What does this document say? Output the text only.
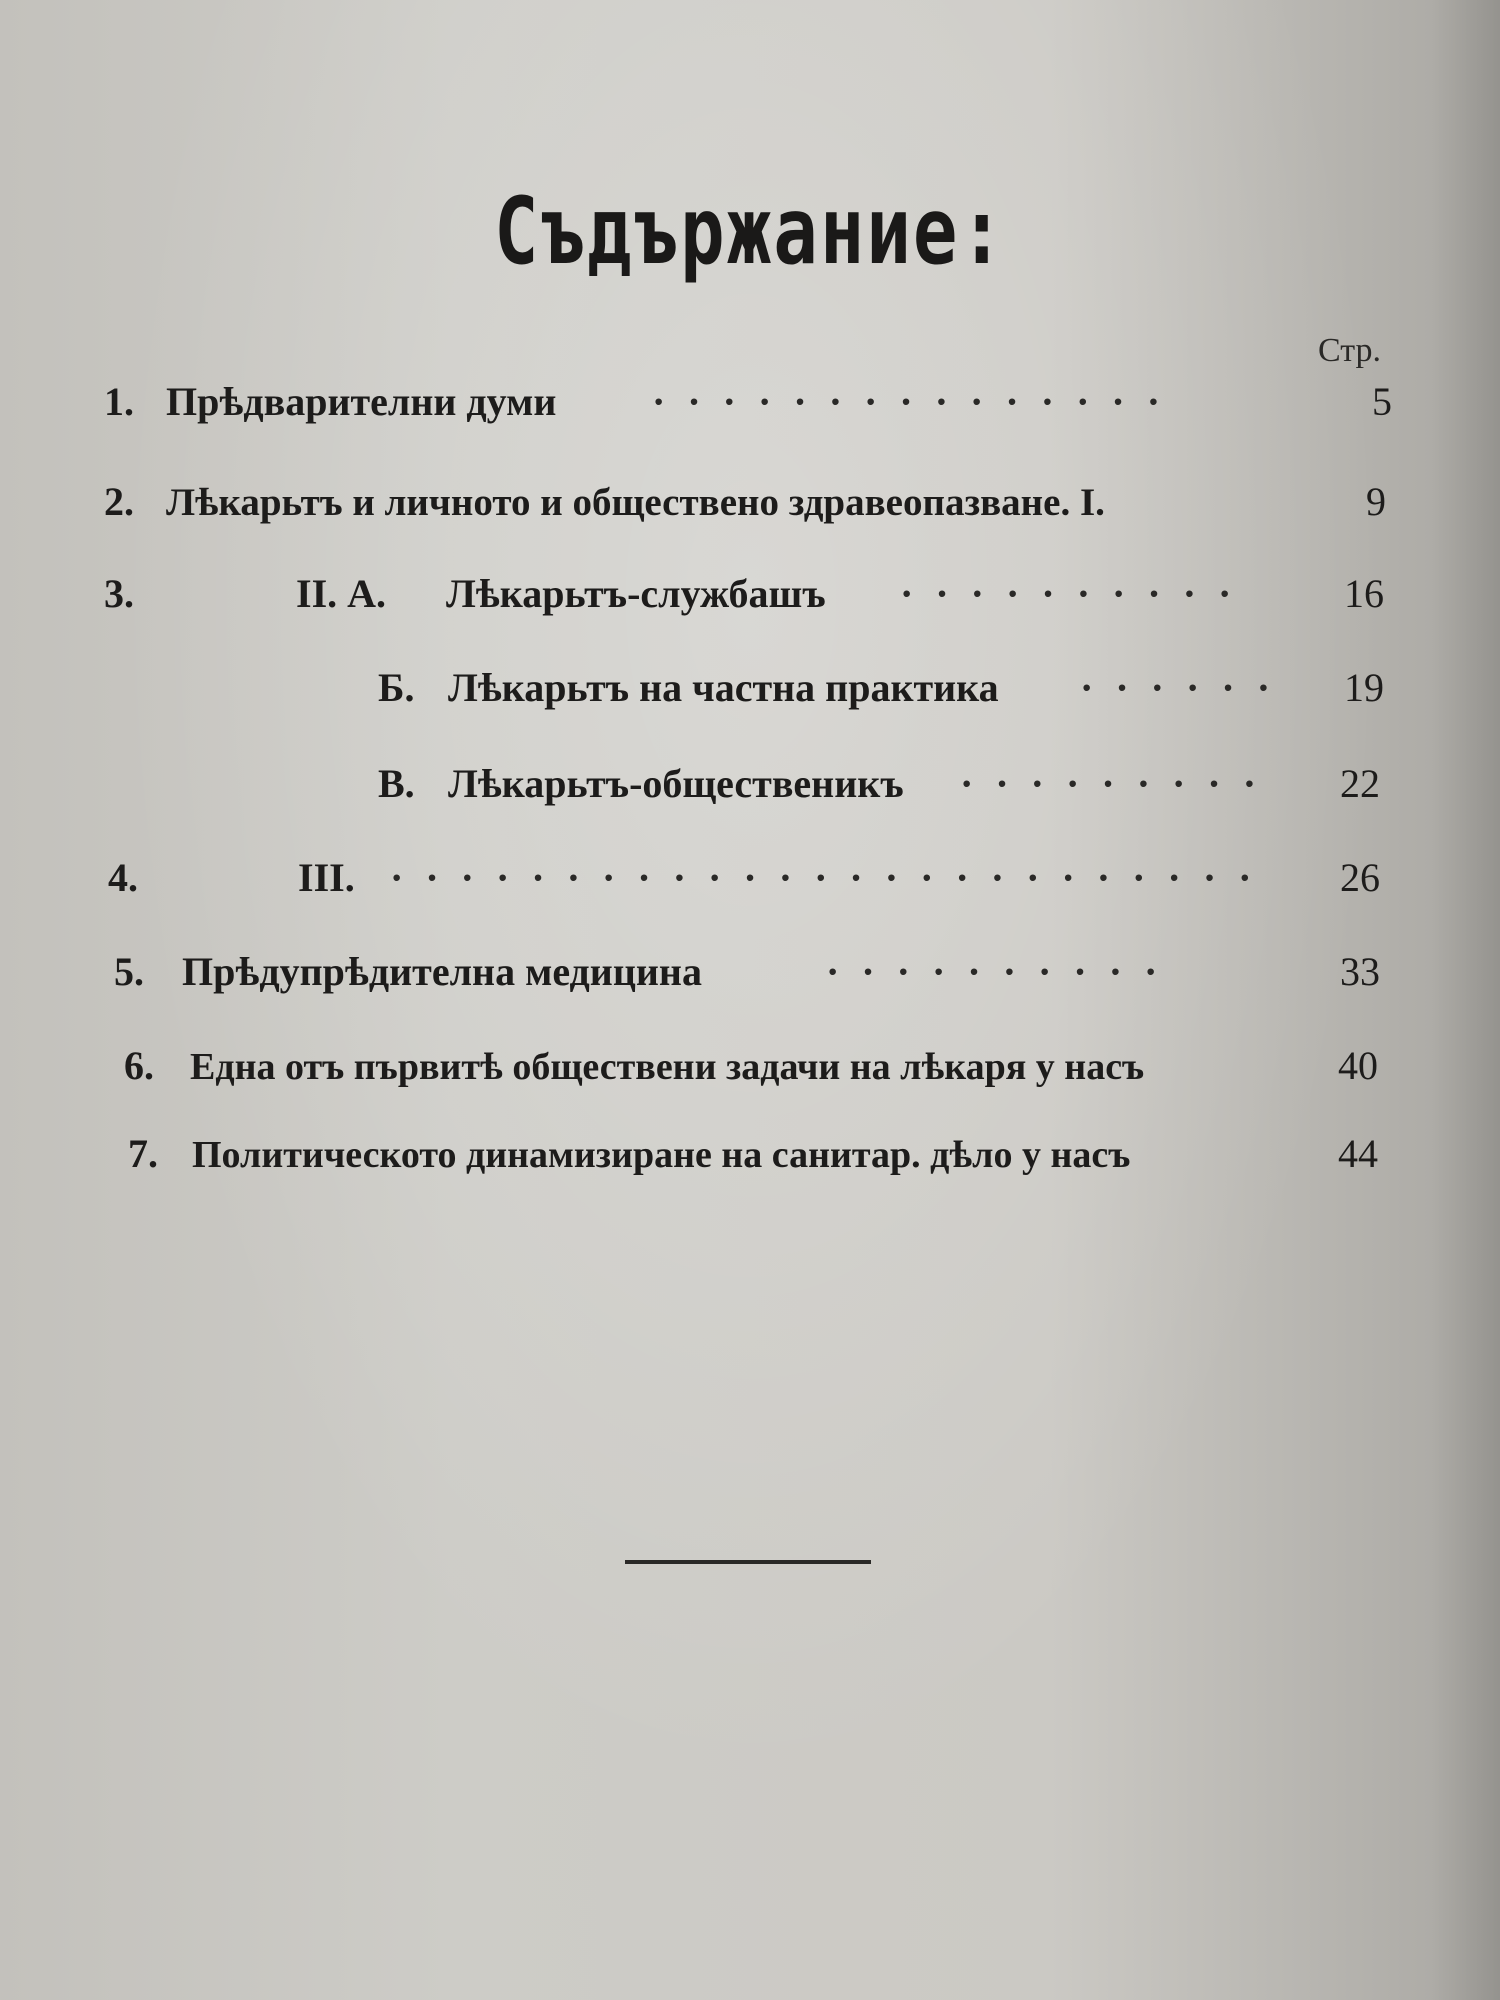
Съдържание:
Стр.
1. Прѣдварителни думи ···············	5
2. Лѣкарьтъ и личното и обществено здравеопазване. I.	9
3.	II. А. Лѣкарьтъ-службашъ ··········	16
Б. Лѣкарьтъ на частна практика ······	19
В. Лѣкарьтъ-общественикъ ·········	22
4.	III. ·························	26
5. Прѣдупрѣдителна медицина	··········	33
6. Една отъ първитѣ обществени задачи на лѣкаря у насъ	40
7. Политическото динамизиране на санитар. дѣло у насъ	44
